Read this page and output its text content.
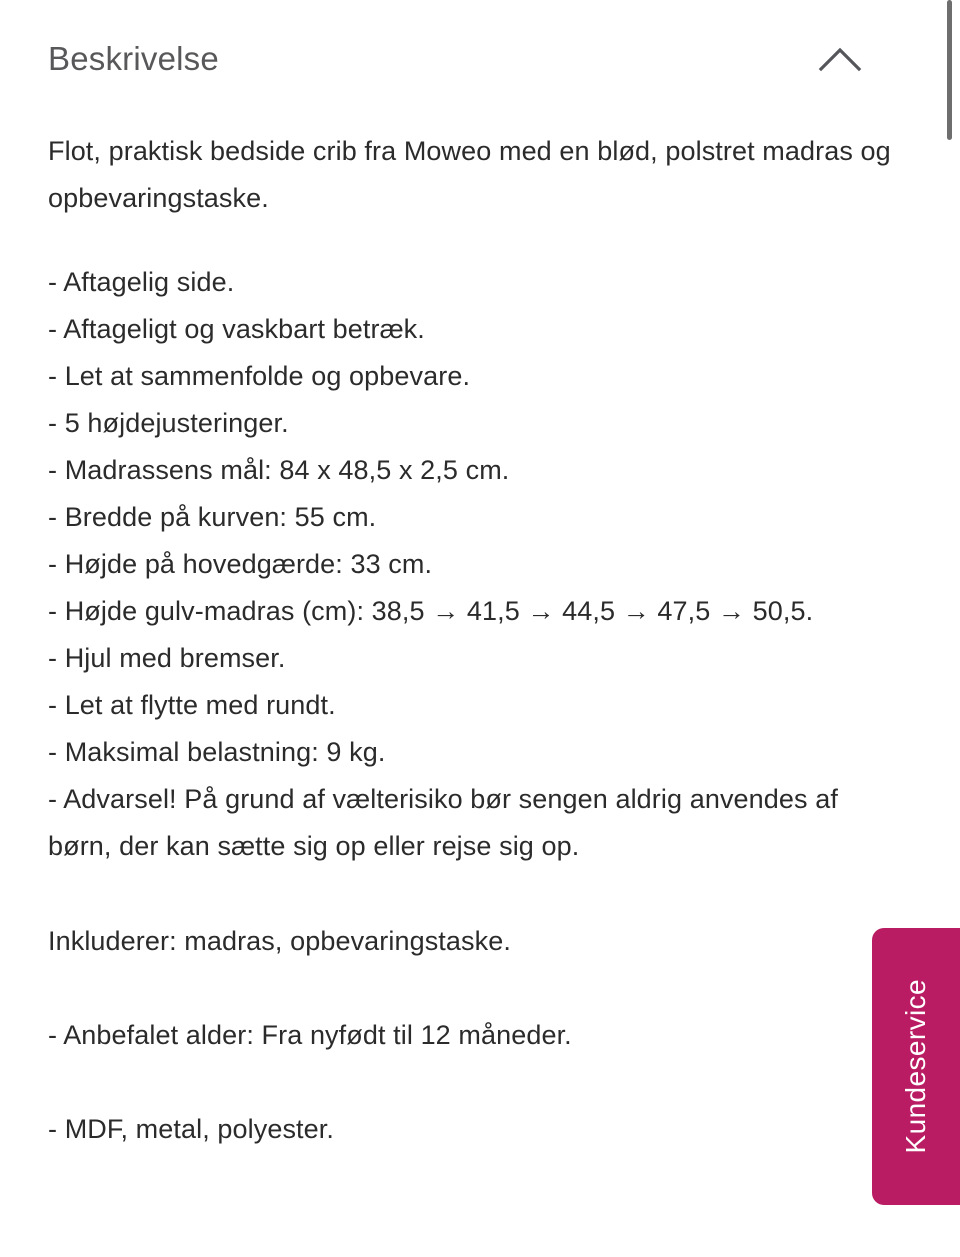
Beskrivelse

Flot, praktisk bedside crib fra Moweo med en blød, polstret madras og opbevaringstaske.

- Aftagelig side.
- Aftageligt og vaskbart betræk.
- Let at sammenfolde og opbevare.
- 5 højdejusteringer.
- Madrassens mål: 84 x 48,5 x 2,5 cm.
- Bredde på kurven: 55 cm.
- Højde på hovedgærde: 33 cm.
- Højde gulv-madras (cm): 38,5 → 41,5 → 44,5 → 47,5 → 50,5.
- Hjul med bremser.
- Let at flytte med rundt.
- Maksimal belastning: 9 kg.
- Advarsel! På grund af vælterisiko bør sengen aldrig anvendes af børn, der kan sætte sig op eller rejse sig op.

Inkluderer: madras, opbevaringstaske.

- Anbefalet alder: Fra nyfødt til 12 måneder.

- MDF, metal, polyester.	Kundeservice
